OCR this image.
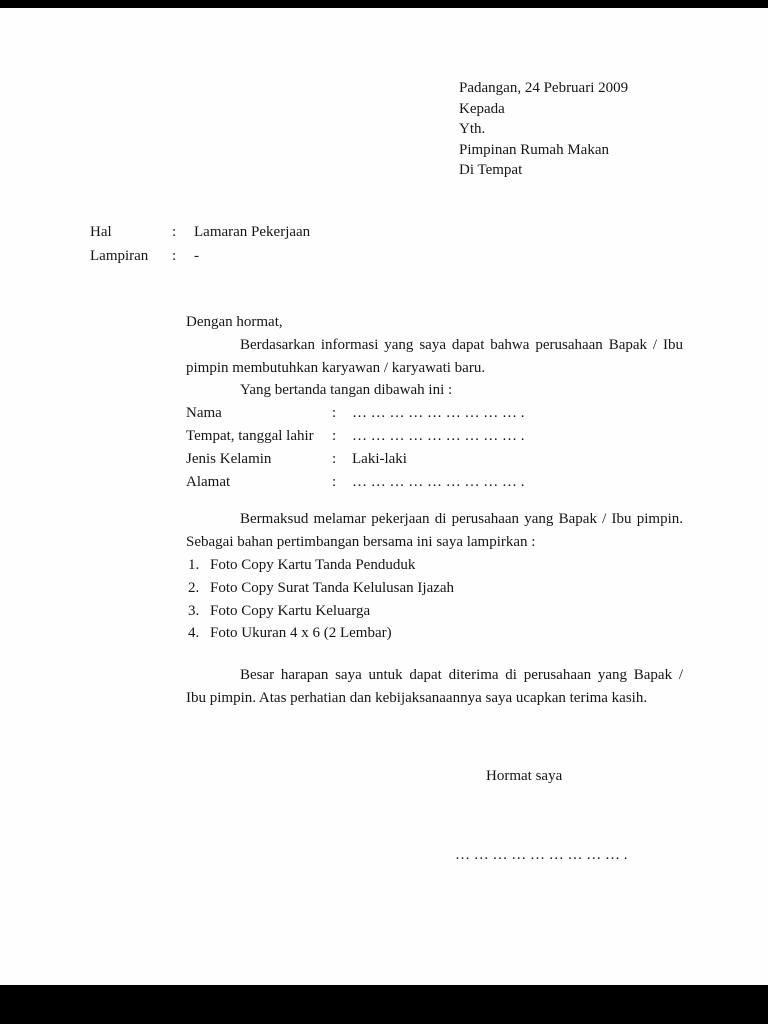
Padangan, 24 Pebruari 2009
Kepada
Yth.
Pimpinan Rumah Makan
Di Tempat
Hal	:	Lamaran Pekerjaan
Lampiran	:	-
Dengan hormat,
Berdasarkan informasi yang saya dapat bahwa perusahaan Bapak / Ibu
pimpin membutuhkan karyawan / karyawati baru.
Yang bertanda tangan dibawah ini :
Nama	:	… … … … … … … … … .
Tempat, tanggal lahir	:	… … … … … … … … … .
Jenis Kelamin	:	Laki-laki
Alamat	:	… … … … … … … … … .
Bermaksud melamar pekerjaan di perusahaan yang Bapak / Ibu pimpin.
Sebagai bahan pertimbangan bersama ini saya lampirkan :
1. Foto Copy Kartu Tanda Penduduk
2. Foto Copy Surat Tanda Kelulusan Ijazah
3. Foto Copy Kartu Keluarga
4. Foto Ukuran 4 x 6 (2 Lembar)
Besar harapan saya untuk dapat diterima di perusahaan yang Bapak /
Ibu pimpin. Atas perhatian dan kebijaksanaannya saya ucapkan terima kasih.
Hormat saya
… … … … … … … … … .
